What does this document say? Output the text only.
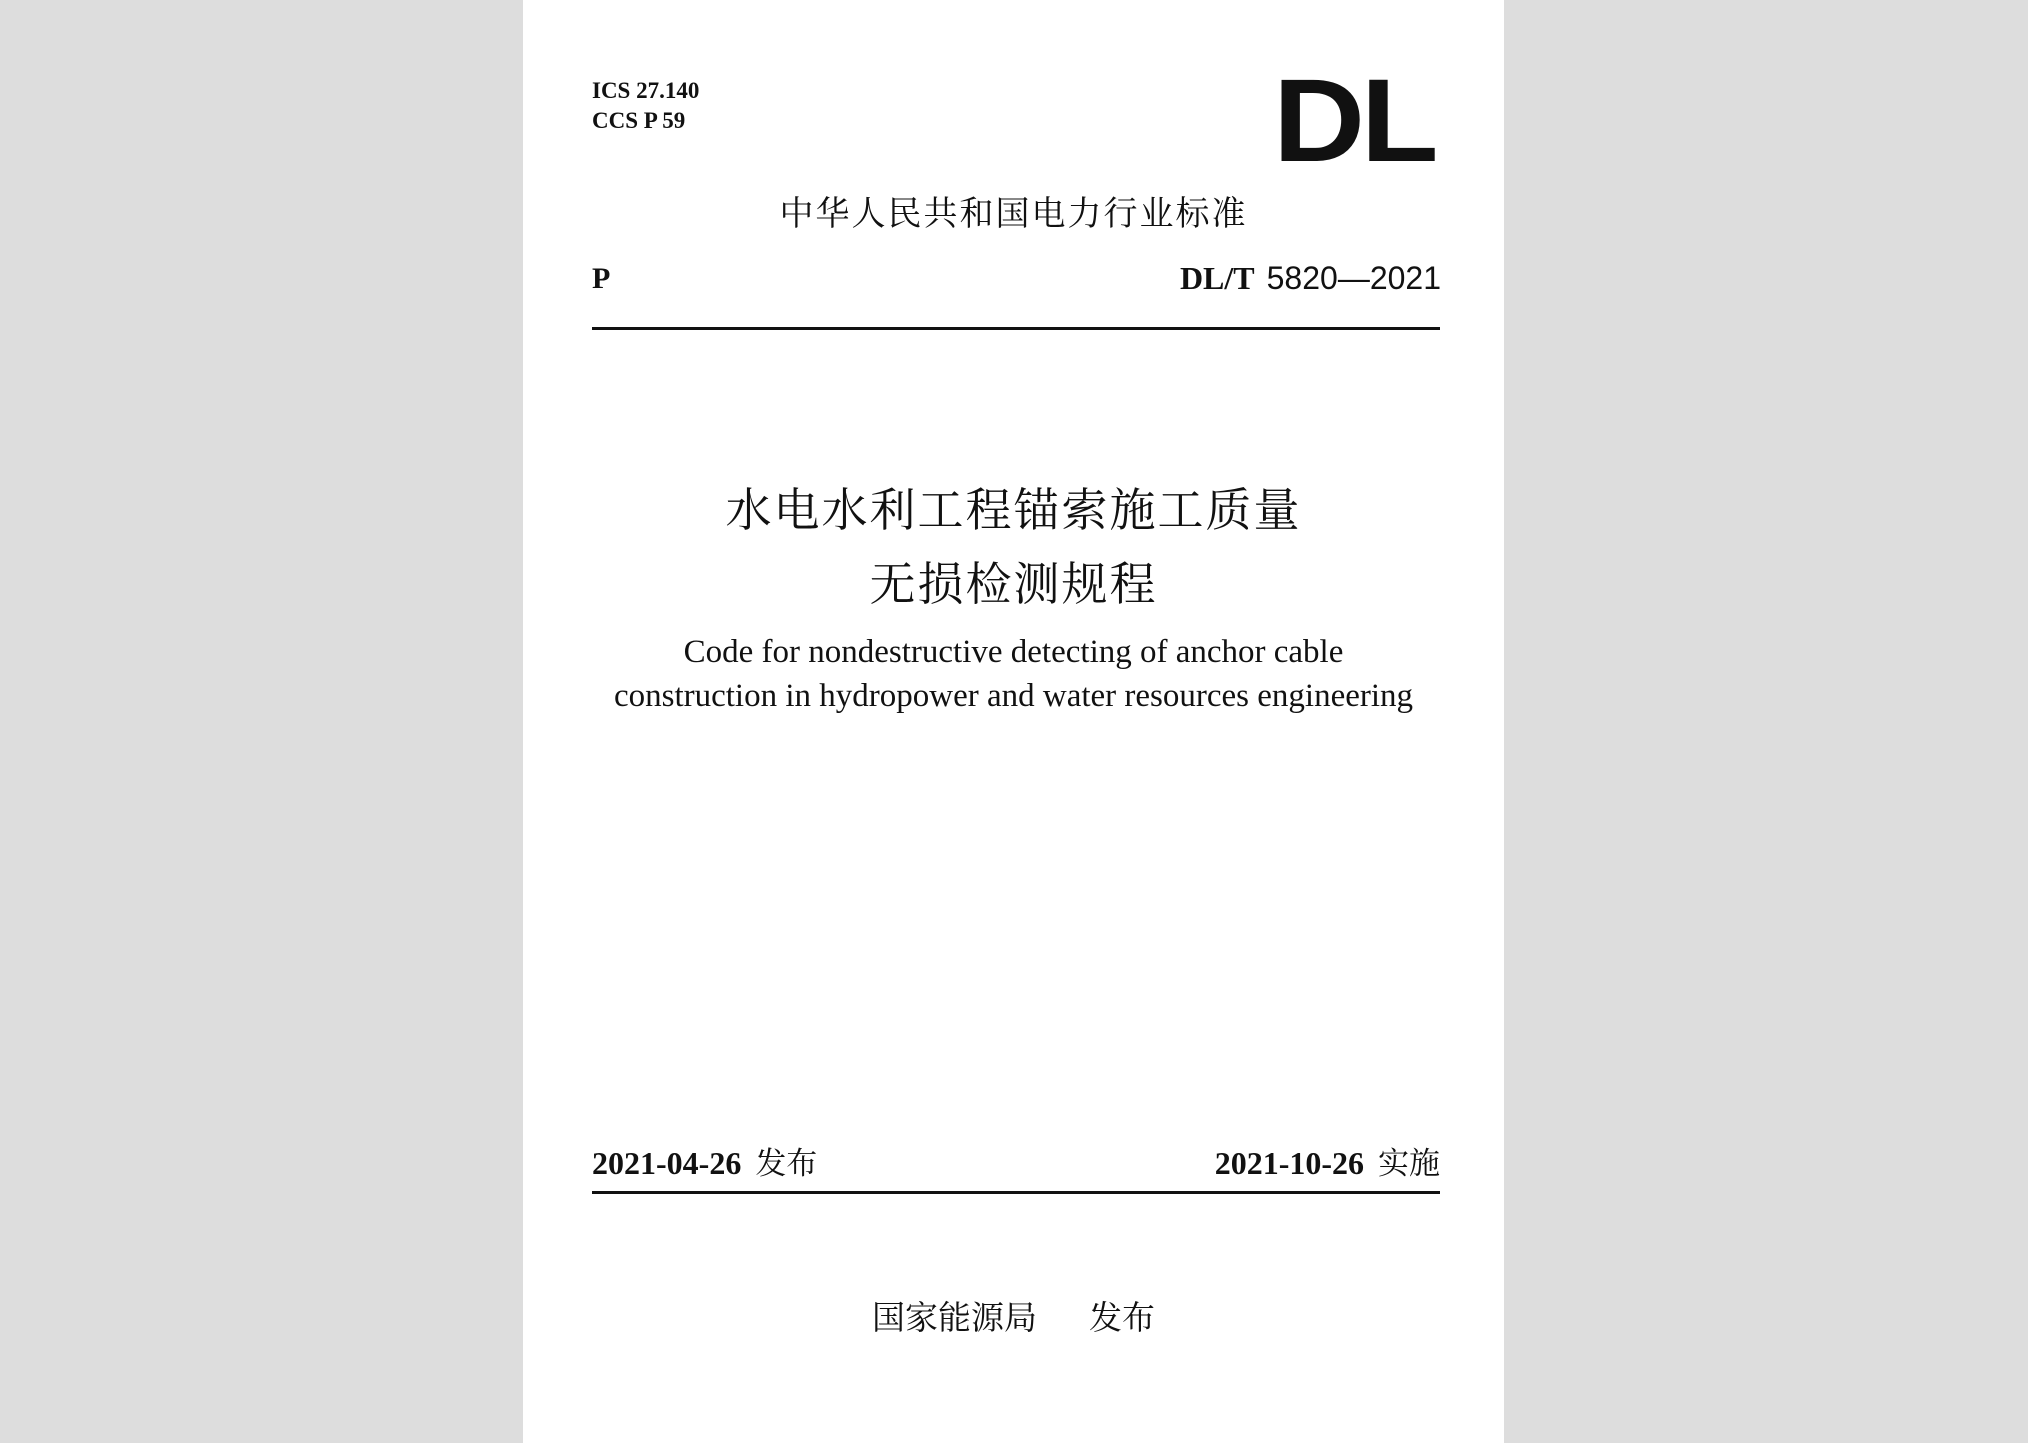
ICS 27.140
CCS P 59	DL
中华人民共和国电力行业标准
P	DL/T 5820—2021
水电水利工程锚索施工质量
无损检测规程
Code for nondestructive detecting of anchor cable
construction in hydropower and water resources engineering
2021-04-26 发布	2021-10-26 实施
国家能源局 发布
